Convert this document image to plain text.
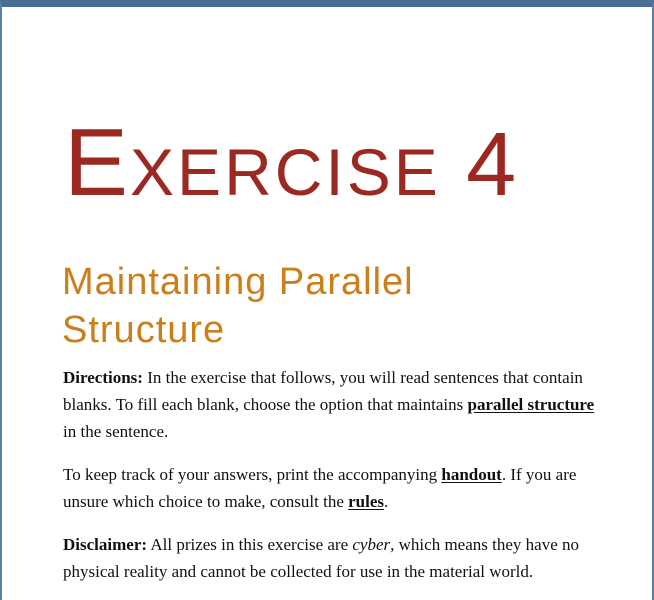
EXERCISE 4
Maintaining Parallel Structure

Directions: In the exercise that follows, you will read sentences that contain blanks. To fill each blank, choose the option that maintains parallel structure in the sentence.

To keep track of your answers, print the accompanying handout. If you are unsure which choice to make, consult the rules.

Disclaimer: All prizes in this exercise are cyber, which means they have no physical reality and cannot be collected for use in the material world.
